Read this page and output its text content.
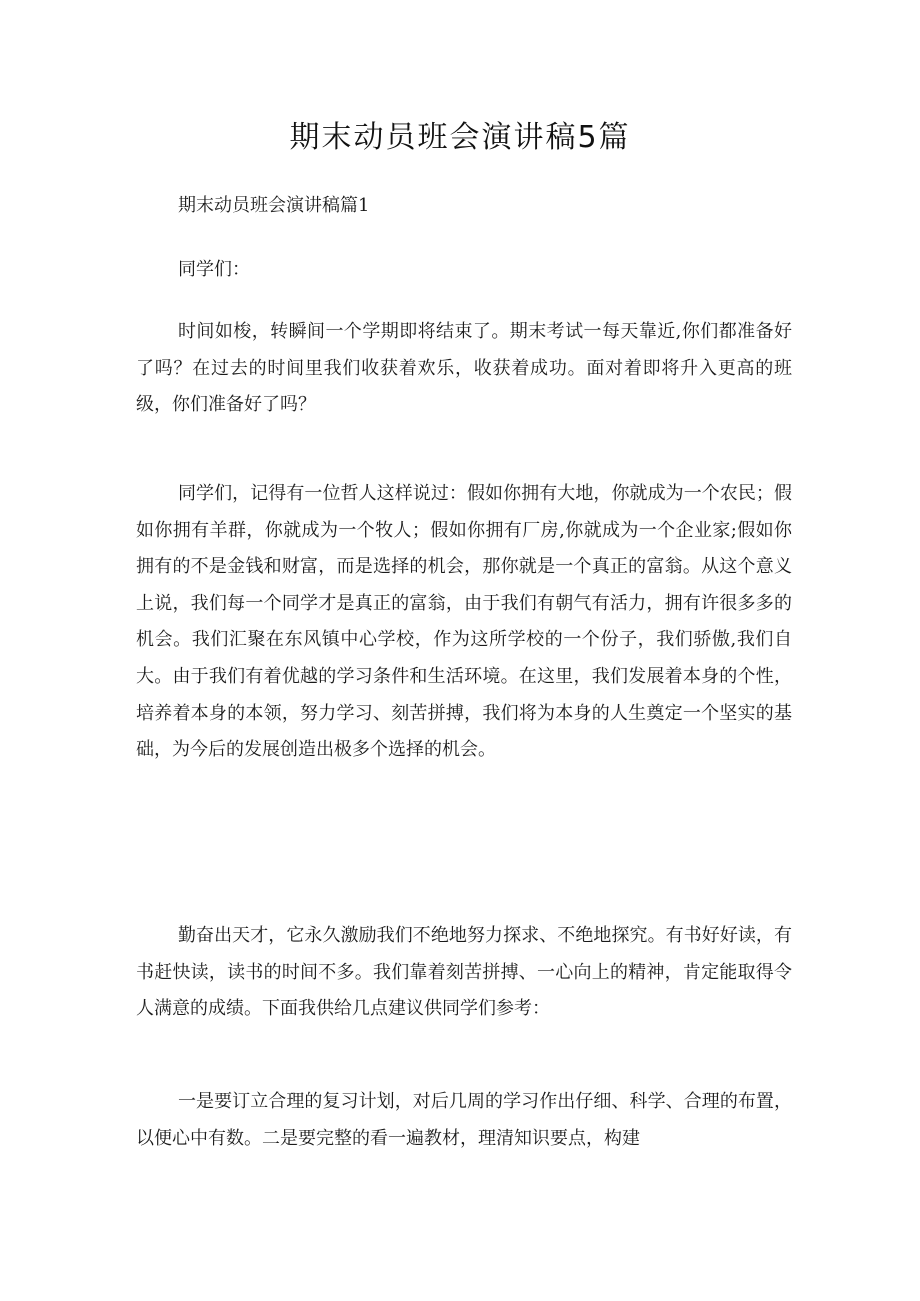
期末动员班会演讲稿5篇
期末动员班会演讲稿篇1

同学们：

时间如梭，转瞬间一个学期即将结束了。期末考试一每天靠近,你们都准备好了吗？在过去的时间里我们收获着欢乐，收获着成功。面对着即将升入更高的班级，你们准备好了吗？

同学们，记得有一位哲人这样说过：假如你拥有大地，你就成为一个农民；假如你拥有羊群，你就成为一个牧人；假如你拥有厂房,你就成为一个企业家;假如你拥有的不是金钱和财富，而是选择的机会，那你就是一个真正的富翁。从这个意义上说，我们每一个同学才是真正的富翁，由于我们有朝气有活力，拥有许很多多的机会。我们汇聚在东风镇中心学校，作为这所学校的一个份子，我们骄傲,我们自大。由于我们有着优越的学习条件和生活环境。在这里，我们发展着本身的个性，培养着本身的本领，努力学习、刻苦拼搏，我们将为本身的人生奠定一个坚实的基础，为今后的发展创造出极多个选择的机会。

勤奋出天才，它永久激励我们不绝地努力探求、不绝地探究。有书好好读，有书赶快读，读书的时间不多。我们靠着刻苦拼搏、一心向上的精神，肯定能取得令人满意的成绩。下面我供给几点建议供同学们参考：

一是要订立合理的复习计划，对后几周的学习作出仔细、科学、合理的布置，以便心中有数。二是要完整的看一遍教材，理清知识要点，构建
